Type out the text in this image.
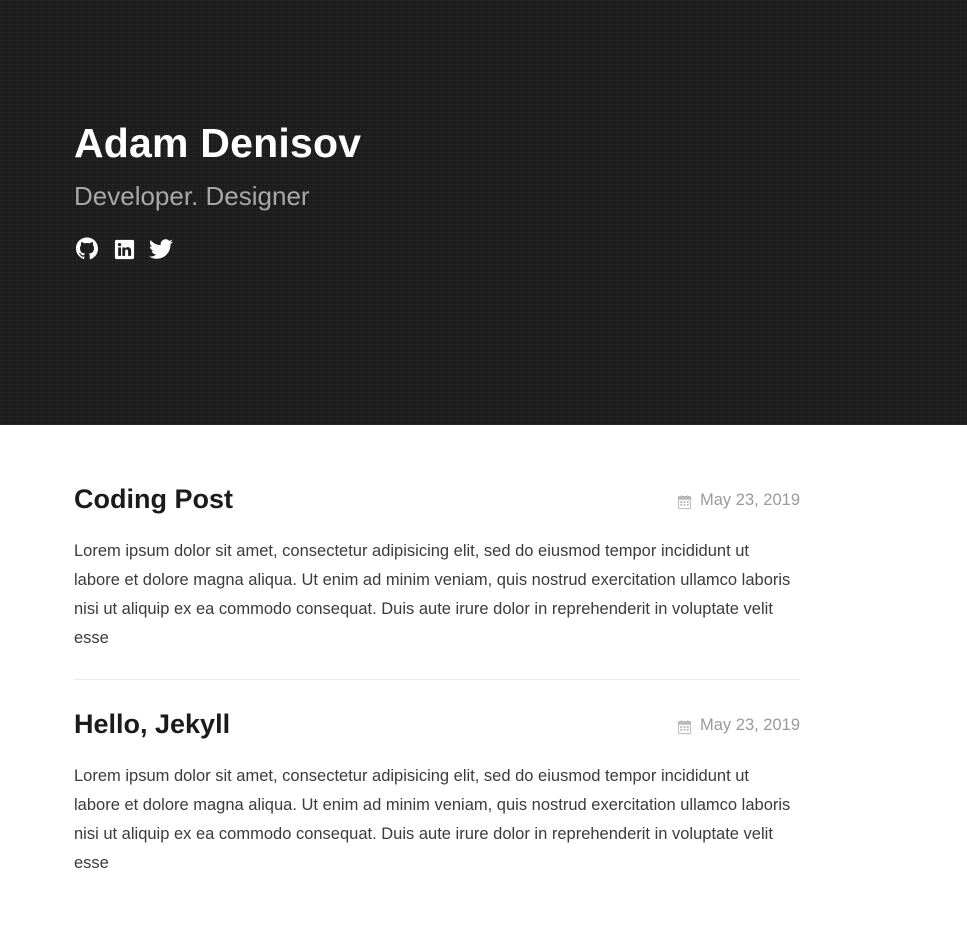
Adam Denisov

Developer. Designer

Coding Post	May 23, 2019

Lorem ipsum dolor sit amet, consectetur adipisicing elit, sed do eiusmod tempor incididunt ut labore et dolore magna aliqua. Ut enim ad minim veniam, quis nostrud exercitation ullamco laboris nisi ut aliquip ex ea commodo consequat. Duis aute irure dolor in reprehenderit in voluptate velit esse

Hello, Jekyll	May 23, 2019

Lorem ipsum dolor sit amet, consectetur adipisicing elit, sed do eiusmod tempor incididunt ut labore et dolore magna aliqua. Ut enim ad minim veniam, quis nostrud exercitation ullamco laboris nisi ut aliquip ex ea commodo consequat. Duis aute irure dolor in reprehenderit in voluptate velit esse
